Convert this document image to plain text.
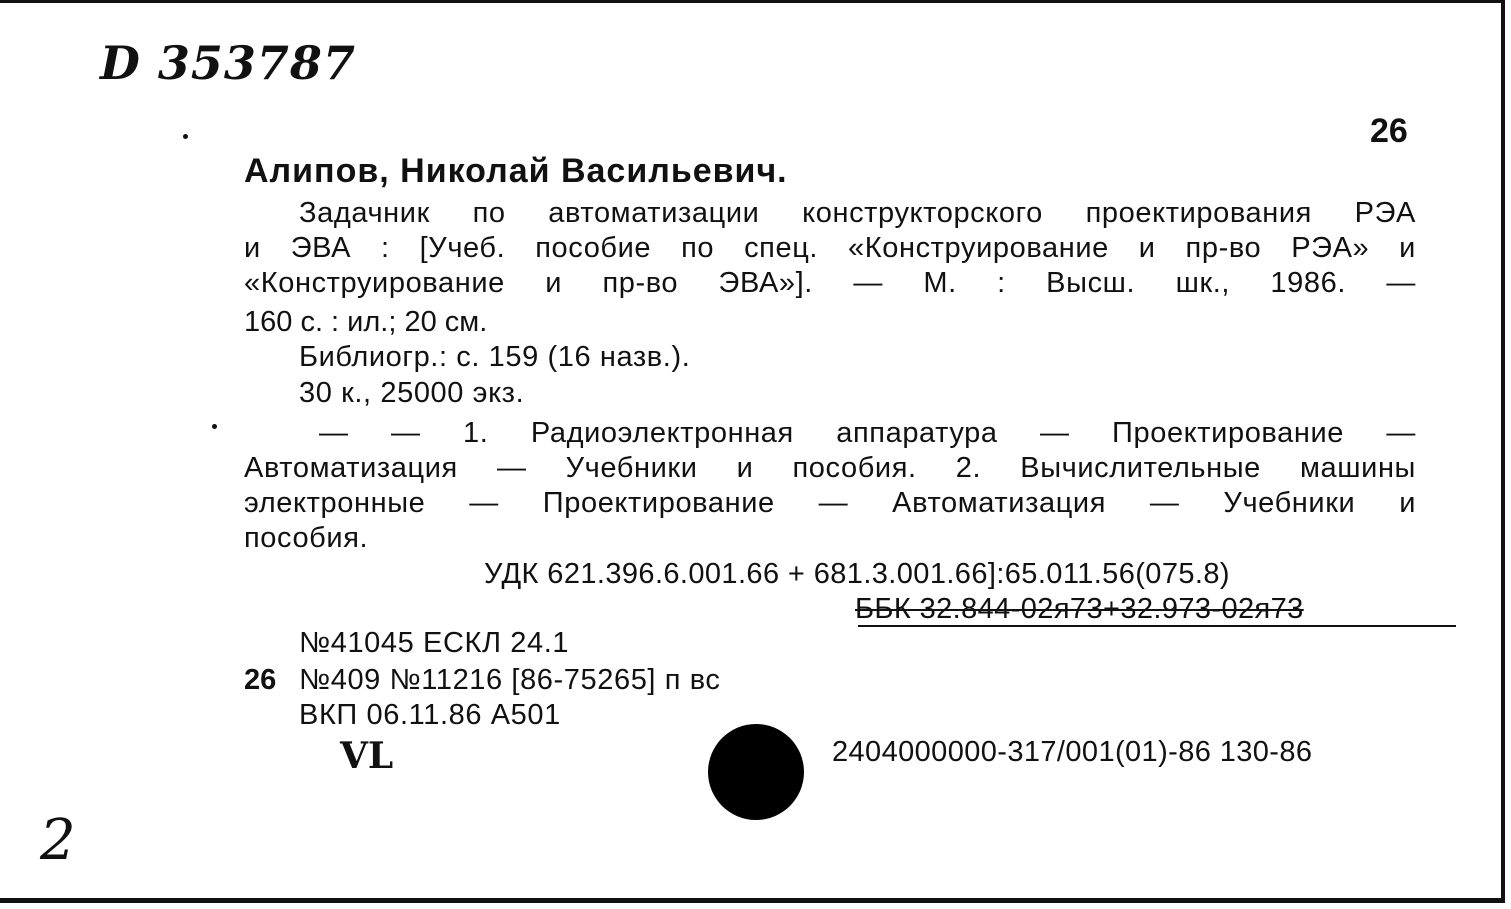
D 353787
26
Алипов, Николай Васильевич.
Задачник по автоматизации конструкторского проектирования РЭА
и ЭВА : [Учеб. пособие по спец. «Конструирование и пр-во РЭА» и
«Конструирование и пр-во ЭВА»]. — М. : Высш. шк., 1986. —
160 с. : ил.; 20 см.
Библиогр.: с. 159 (16 назв.).
30 к., 25000 экз.
— — 1. Радиоэлектронная аппаратура — Проектирование —
Автоматизация — Учебники и пособия. 2. Вычислительные машины
электронные — Проектирование — Автоматизация — Учебники и
пособия.
УДК 621.396.6.001.66 + 681.3.001.66]:65.011.56(075.8)
ББК 32.844-02я73+32.973-02я73
№41045 ЕСКЛ 24.1
26 №409 №11216 [86-75265] п вс
ВКП 06.11.86 А501
VL	2404000000-317/001(01)-86 130-86
2
